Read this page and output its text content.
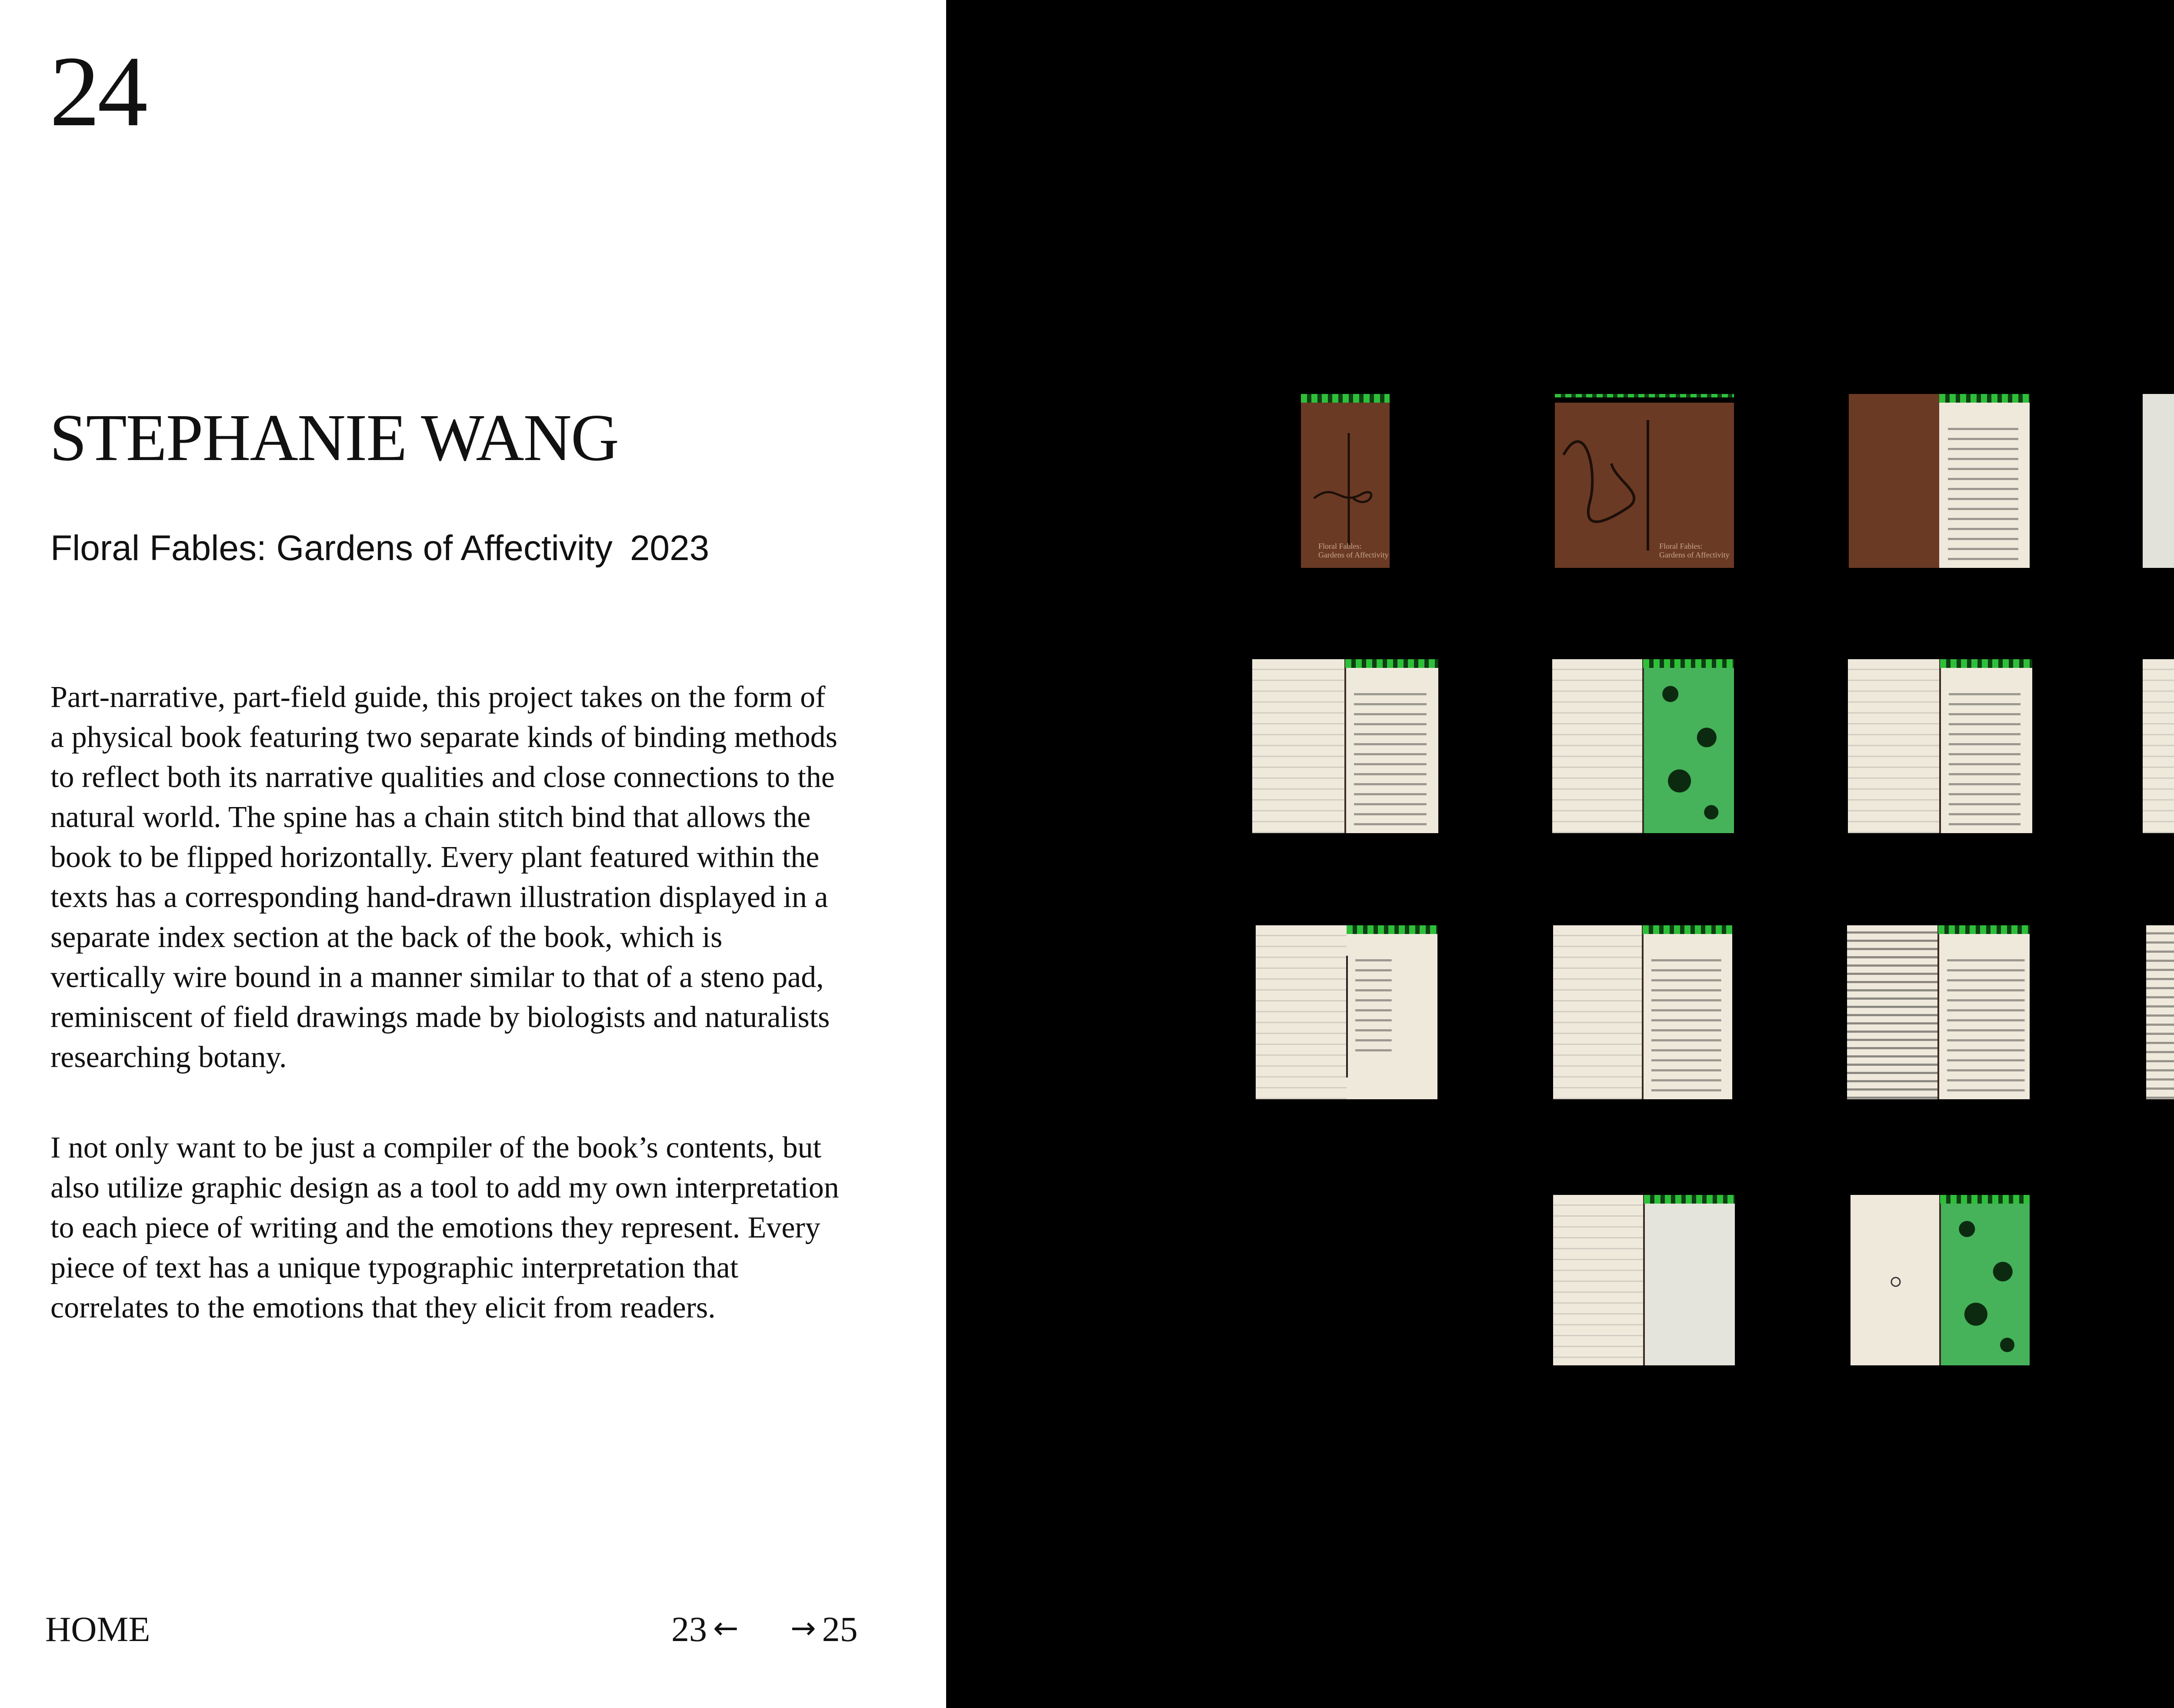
24
STEPHANIE WANG
Floral Fables: Gardens of Affectivity 2023

Part-narrative, part-field guide, this project takes on the form of a physical book featuring two separate kinds of binding methods to reflect both its narrative qualities and close connections to the natural world. The spine has a chain stitch bind that allows the book to be flipped horizontally. Every plant featured within the texts has a corresponding hand-drawn illustration displayed in a separate index section at the back of the book, which is vertically wire bound in a manner similar to that of a steno pad, reminiscent of field drawings made by biologists and naturalists researching botany.

I not only want to be just a compiler of the book’s contents, but also utilize graphic design as a tool to add my own interpretation to each piece of writing and the emotions they represent. Every piece of text has a unique typographic interpretation that correlates to the emotions that they elicit from readers.

HOME	23 ← → 25
Floral Fables:
Gardens of Affectivity
Floral Fables:
Gardens of Affectivity
